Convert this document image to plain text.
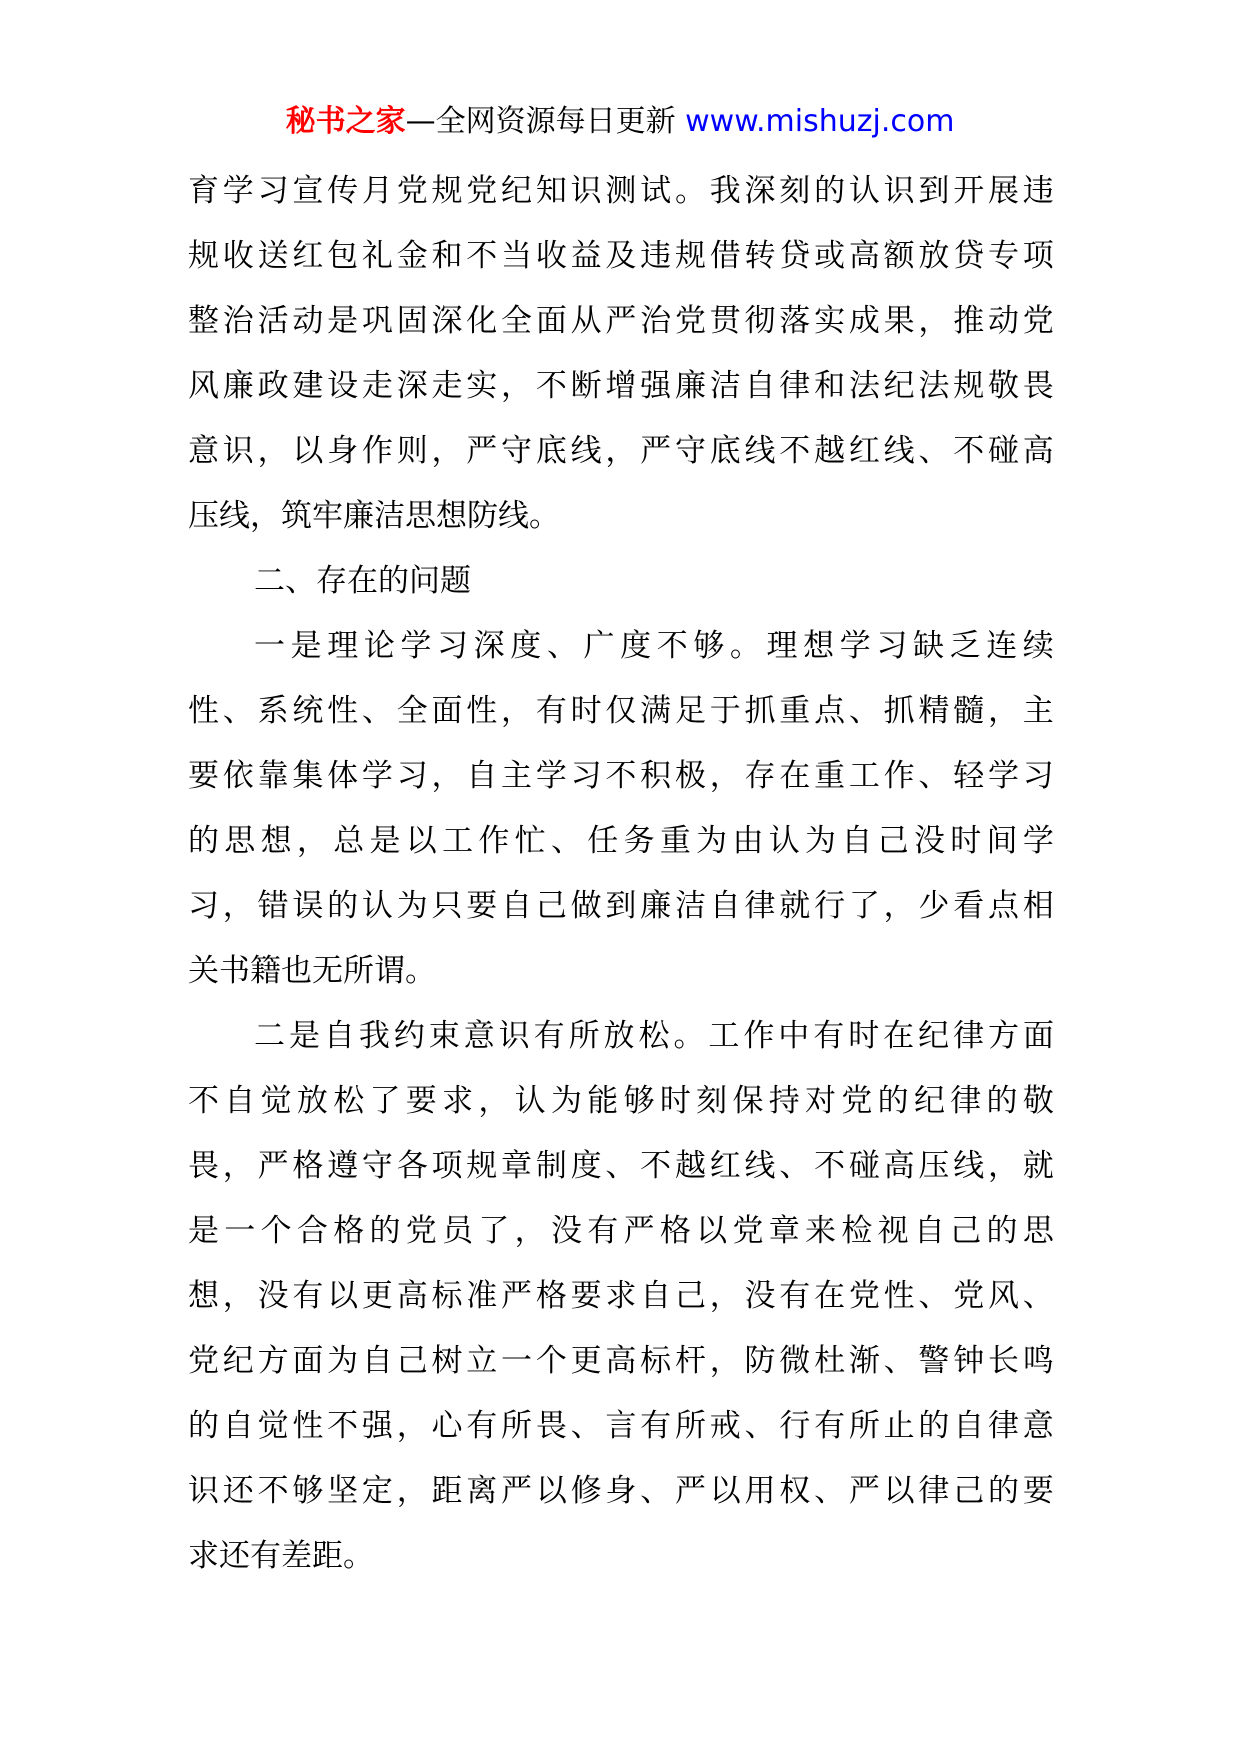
秘书之家—全网资源每日更新 www.mishuzj.com
育 学 习 宣 传 月 党 规 党 纪 知 识 测 试 。 我 深 刻 的 认 识 到 开 展 违
规 收 送 红 包 礼 金 和 不 当 收 益 及 违 规 借 转 贷 或 高 额 放 贷 专 项
整 治 活 动 是 巩 固 深 化 全 面 从 严 治 党 贯 彻 落 实 成 果 ， 推 动 党
风 廉 政 建 设 走 深 走 实 ， 不 断 增 强 廉 洁 自 律 和 法 纪 法 规 敬 畏
意 识 ， 以 身 作 则 ， 严 守 底 线 ， 严 守 底 线 不 越 红 线 、 不 碰 高
压线，筑牢廉洁思想防线。
二、存在的问题
一 是 理 论 学 习 深 度 、 广 度 不 够 。 理 想 学 习 缺 乏 连 续
性 、 系 统 性 、 全 面 性 ， 有 时 仅 满 足 于 抓 重 点 、 抓 精 髓 ， 主
要 依 靠 集 体 学 习 ， 自 主 学 习 不 积 极 ， 存 在 重 工 作 、 轻 学 习
的 思 想 ， 总 是 以 工 作 忙 、 任 务 重 为 由 认 为 自 己 没 时 间 学
习 ， 错 误 的 认 为 只 要 自 己 做 到 廉 洁 自 律 就 行 了 ， 少 看 点 相
关书籍也无所谓。
二 是 自 我 约 束 意 识 有 所 放 松 。 工 作 中 有 时 在 纪 律 方 面
不 自 觉 放 松 了 要 求 ， 认 为 能 够 时 刻 保 持 对 党 的 纪 律 的 敬
畏 ， 严 格 遵 守 各 项 规 章 制 度 、 不 越 红 线 、 不 碰 高 压 线 ， 就
是 一 个 合 格 的 党 员 了 ， 没 有 严 格 以 党 章 来 检 视 自 己 的 思
想 ， 没 有 以 更 高 标 准 严 格 要 求 自 己 ， 没 有 在 党 性 、 党 风 、
党 纪 方 面 为 自 己 树 立 一 个 更 高 标 杆 ， 防 微 杜 渐 、 警 钟 长 鸣
的 自 觉 性 不 强 ， 心 有 所 畏 、 言 有 所 戒 、 行 有 所 止 的 自 律 意
识 还 不 够 坚 定 ， 距 离 严 以 修 身 、 严 以 用 权 、 严 以 律 己 的 要
求还有差距。
